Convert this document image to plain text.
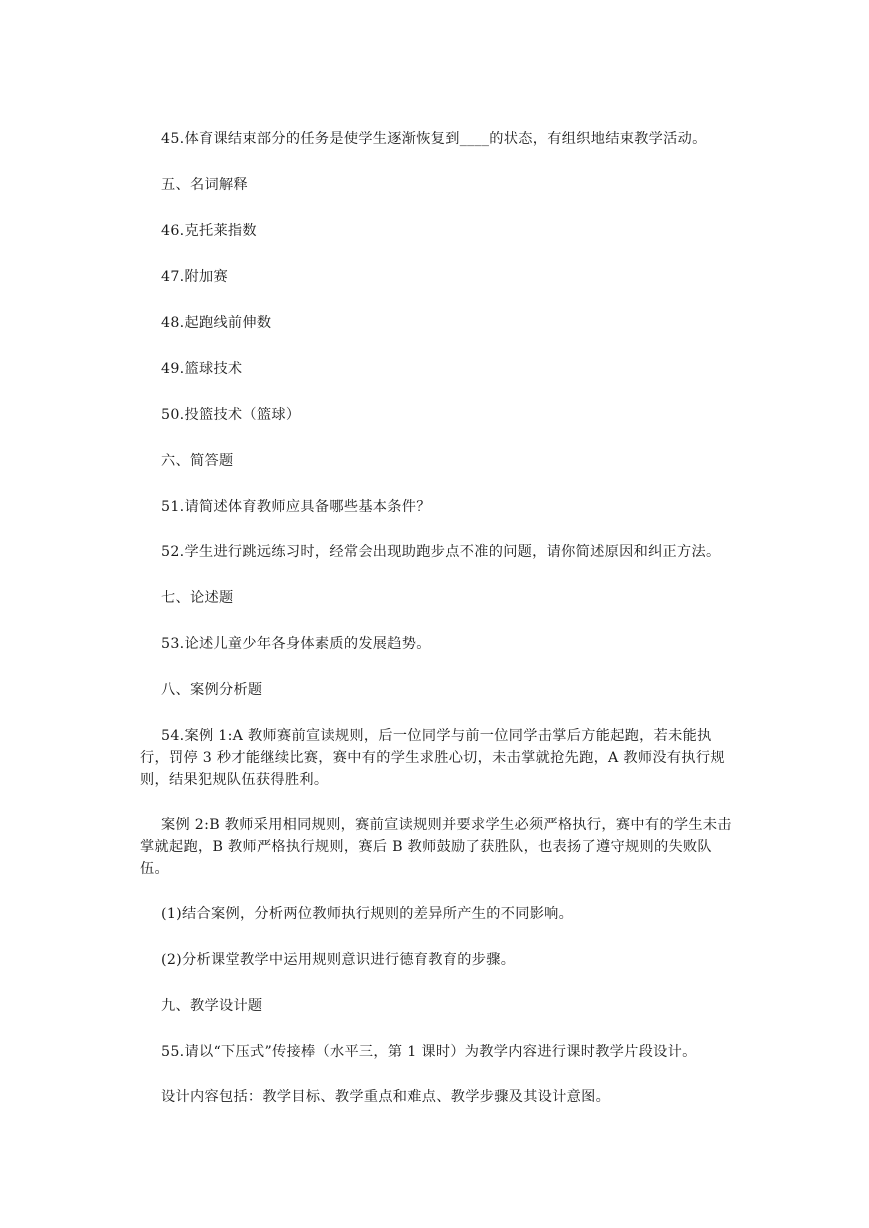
45.体育课结束部分的任务是使学生逐渐恢复到____的状态，有组织地结束教学活动。

五、名词解释

46.克托莱指数

47.附加赛

48.起跑线前伸数

49.篮球技术

50.投篮技术（篮球）

六、简答题

51.请简述体育教师应具备哪些基本条件？

52.学生进行跳远练习时，经常会出现助跑步点不准的问题，请你简述原因和纠正方法。

七、论述题

53.论述儿童少年各身体素质的发展趋势。

八、案例分析题

54.案例 1:A 教师赛前宣读规则，后一位同学与前一位同学击掌后方能起跑，若未能执行，罚停 3 秒才能继续比赛，赛中有的学生求胜心切，未击掌就抢先跑，A 教师没有执行规则，结果犯规队伍获得胜利。

案例 2:B 教师采用相同规则，赛前宣读规则并要求学生必须严格执行，赛中有的学生未击掌就起跑，B 教师严格执行规则，赛后 B 教师鼓励了获胜队，也表扬了遵守规则的失败队伍。

(1)结合案例，分析两位教师执行规则的差异所产生的不同影响。

(2)分析课堂教学中运用规则意识进行德育教育的步骤。

九、教学设计题

55.请以“下压式”传接棒（水平三，第 1 课时）为教学内容进行课时教学片段设计。

设计内容包括：教学目标、教学重点和难点、教学步骤及其设计意图。
